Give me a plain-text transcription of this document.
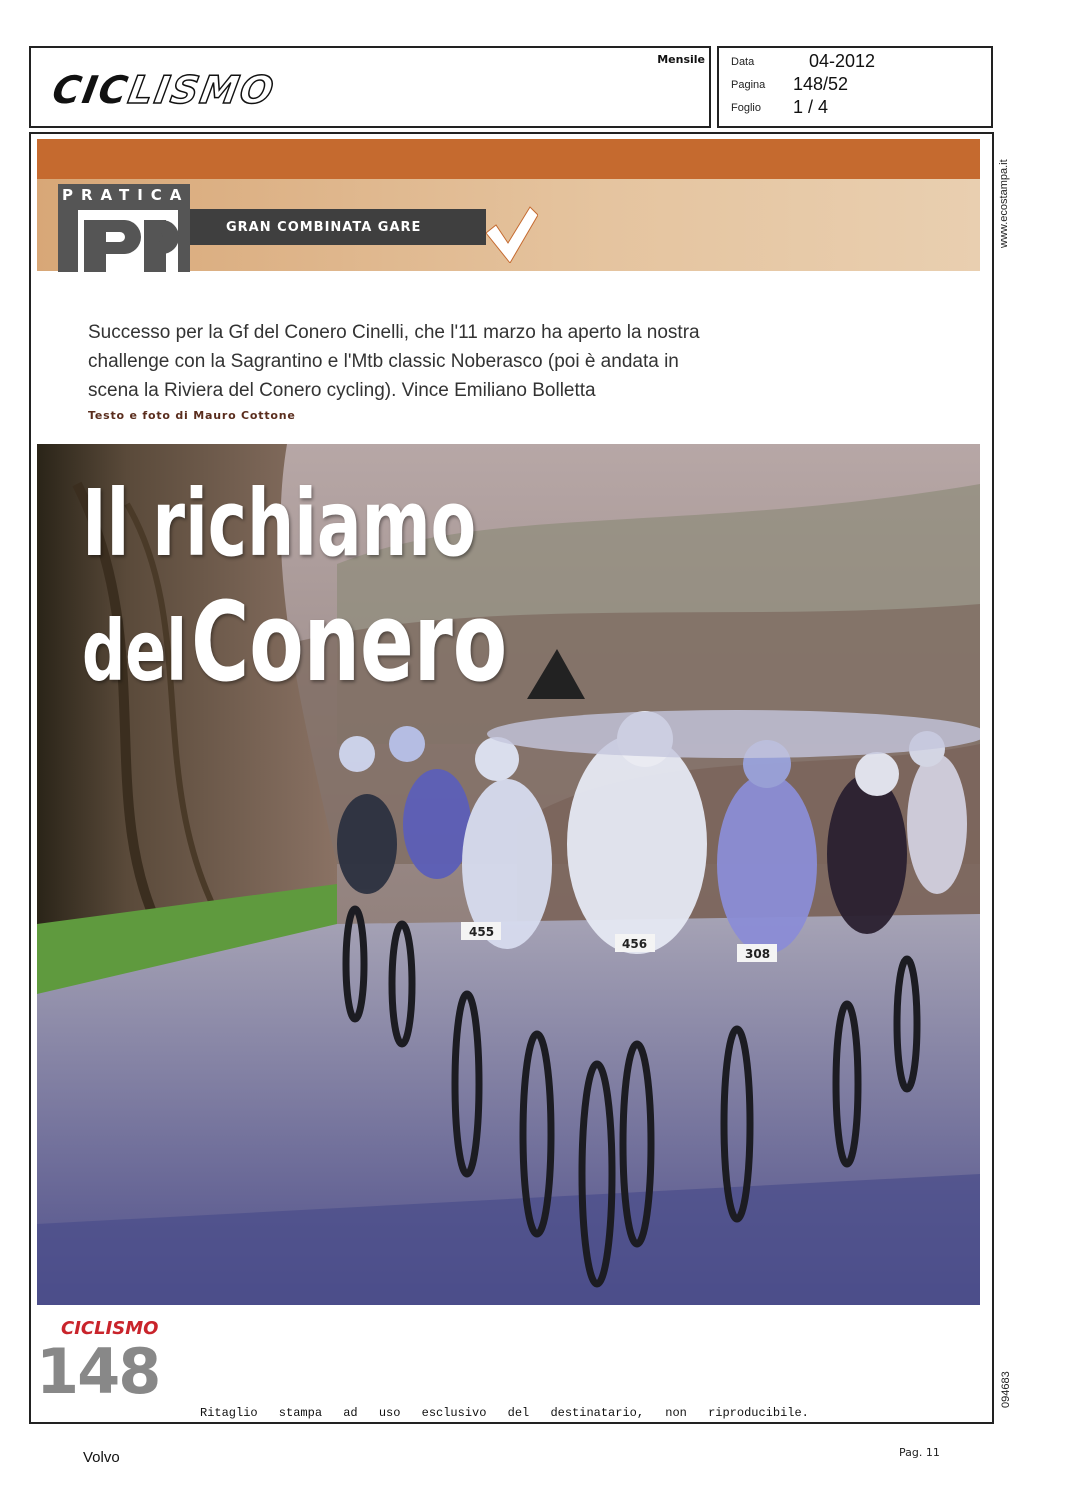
CICLISMO
Mensile Data	04-2012
Pagina 148/52
Foglio 1 / 4
www.ecostampa.it
094683
PRATICA
GRAN COMBINATA GARE
Successo per la Gf del Conero Cinelli, che l'11 marzo ha aperto la nostra challenge con la Sagrantino e l'Mtb classic Noberasco (poi è andata in scena la Riviera del Conero cycling). Vince Emiliano Bolletta
Testo e foto di Mauro Cottone
455
456
308
Il richiamo
del Conero
CICLISMO
148
Ritaglio stampa ad uso esclusivo del destinatario, non riproducibile.
Volvo	Pag. 11
